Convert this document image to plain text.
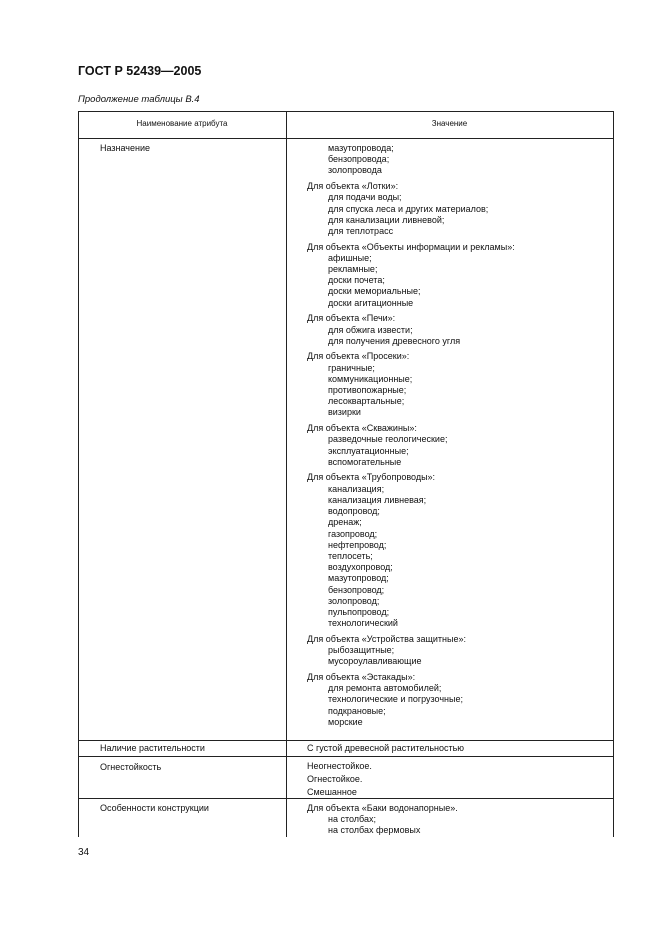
ГОСТ Р 52439—2005
Продолжение таблицы В.4
Наименование атрибута	Значение
Назначение	мазутопровода;
бензопровода;
золопровода
Для объекта «Лотки»:
для подачи воды;
для спуска леса и других материалов;
для канализации ливневой;
для теплотрасс
Для объекта «Объекты информации и рекламы»:
афишные;
рекламные;
доски почета;
доски мемориальные;
доски агитационные
Для объекта «Печи»:
для обжига извести;
для получения древесного угля
Для объекта «Просеки»:
граничные;
коммуникационные;
противопожарные;
лесоквартальные;
визирки
Для объекта «Скважины»:
разведочные геологические;
эксплуатационные;
вспомогательные
Для объекта «Трубопроводы»:
канализация;
канализация ливневая;
водопровод;
дренаж;
газопровод;
нефтепровод;
теплосеть;
воздухопровод;
мазутопровод;
бензопровод;
золопровод;
пульпопровод;
технологический
Для объекта «Устройства защитные»:
рыбозащитные;
мусороулавливающие
Для объекта «Эстакады»:
для ремонта автомобилей;
технологические и погрузочные;
подкрановые;
морские
Наличие растительности	С густой древесной растительностью
Огнестойкость	Неогнестойкое.
Огнестойкое.
Смешанное
Особенности конструкции	Для объекта «Баки водонапорные».
на столбах;
на столбах фермовых
34
